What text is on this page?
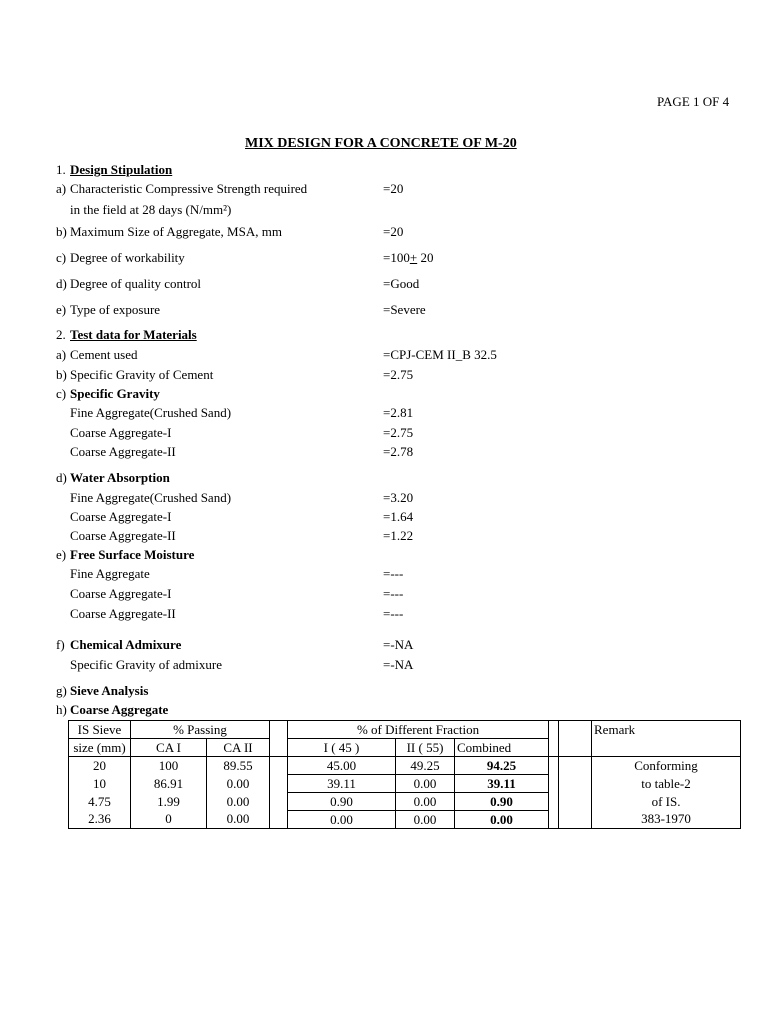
PAGE 1 OF 4
MIX DESIGN FOR A CONCRETE OF M-20
1. Design Stipulation
a) Characteristic Compressive Strength required
in the field at 28 days (N/mm²)
=20
b) Maximum Size of Aggregate, MSA, mm	=20
c) Degree of workability	=100+ 20
d) Degree of quality control	=Good
e) Type of exposure	=Severe
2. Test data for Materials
a) Cement used	=CPJ-CEM II_B 32.5
b) Specific Gravity of Cement	=2.75
c) Specific Gravity
Fine Aggregate(Crushed Sand)	=2.81
Coarse Aggregate-I	=2.75
Coarse Aggregate-II	=2.78
d) Water Absorption
Fine Aggregate(Crushed Sand)	=3.20
Coarse Aggregate-I	=1.64
Coarse Aggregate-II	=1.22
e) Free Surface Moisture
Fine Aggregate	=---
Coarse Aggregate-I	=---
Coarse Aggregate-II	=---
f) Chemical Admixure	=-NA
Specific Gravity of admixure	=-NA
g) Sieve Analysis
h) Coarse Aggregate
IS Sieve	% Passing			% of Different Fraction					Remark
size (mm)	CA I	CA II		I ( 45 )	II ( 55)	Combined			
20	100	89.55		45.00	49.25	94.25			Conforming
10	86.91	0.00		39.11	0.00	39.11			to table-2
4.75	1.99	0.00		0.90	0.00	0.90			of IS.
2.36	0	0.00		0.00	0.00	0.00			383-1970
